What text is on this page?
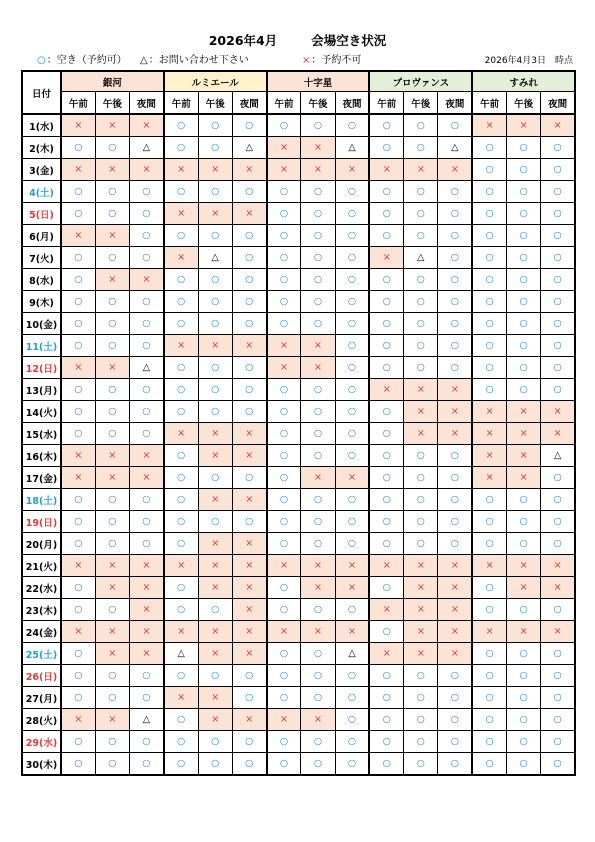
2026年4月	会場空き状況
○：空き（予約可） △：お問い合わせ下さい	×：予約不可	2026年4月3日　時点
日付	銀河			ルミエール			十字星			プロヴァンス			すみれ		
	午前	午後	夜間	午前	午後	夜間	午前	午後	夜間	午前	午後	夜間	午前	午後	夜間
1(水)	×	×	×	○	○	○	○	○	○	○	○	○	×	×	×
2(木)	○	○	△	○	○	△	×	×	△	○	○	△	○	○	○
3(金)	×	×	×	×	×	×	×	×	×	×	×	×	○	○	○
4(土)	○	○	○	○	○	○	○	○	○	○	○	○	○	○	○
5(日)	○	○	○	×	×	×	○	○	○	○	○	○	○	○	○
6(月)	×	×	○	○	○	○	○	○	○	○	○	○	○	○	○
7(火)	○	○	○	×	△	○	○	○	○	×	△	○	○	○	○
8(水)	○	×	×	○	○	○	○	○	○	○	○	○	○	○	○
9(木)	○	○	○	○	○	○	○	○	○	○	○	○	○	○	○
10(金)	○	○	○	○	○	○	○	○	○	○	○	○	○	○	○
11(土)	○	○	○	×	×	×	×	×	○	○	○	○	○	○	○
12(日)	×	×	△	○	○	○	×	×	○	○	○	○	○	○	○
13(月)	○	○	○	○	○	○	○	○	○	×	×	×	○	○	○
14(火)	○	○	○	○	○	○	○	○	○	○	×	×	×	×	×
15(水)	○	○	○	×	×	×	○	○	○	○	×	×	×	×	×
16(木)	×	×	×	○	×	×	○	○	○	○	○	○	×	×	△
17(金)	×	×	×	○	○	○	○	×	×	○	○	○	×	×	○
18(土)	○	○	○	○	×	×	○	○	○	○	○	○	○	○	○
19(日)	○	○	○	○	○	○	○	○	○	○	○	○	○	○	○
20(月)	○	○	○	○	×	×	○	○	○	○	○	○	○	○	○
21(火)	×	×	×	×	×	×	×	×	×	×	×	×	×	×	×
22(水)	○	×	×	○	×	×	○	×	×	○	×	×	○	×	×
23(木)	○	○	×	○	○	×	○	○	○	×	×	×	○	○	○
24(金)	×	×	×	×	×	×	×	×	×	○	×	×	×	×	×
25(土)	○	×	×	△	×	×	○	○	△	×	×	×	○	○	○
26(日)	○	○	○	○	○	○	○	○	○	○	○	○	○	○	○
27(月)	○	○	○	×	×	○	○	○	○	○	○	○	○	○	○
28(火)	×	×	△	○	×	×	×	×	○	○	○	○	○	○	○
29(水)	○	○	○	○	○	○	○	○	○	○	○	○	○	○	○
30(木)	○	○	○	○	○	○	○	○	○	○	○	○	○	○	○
